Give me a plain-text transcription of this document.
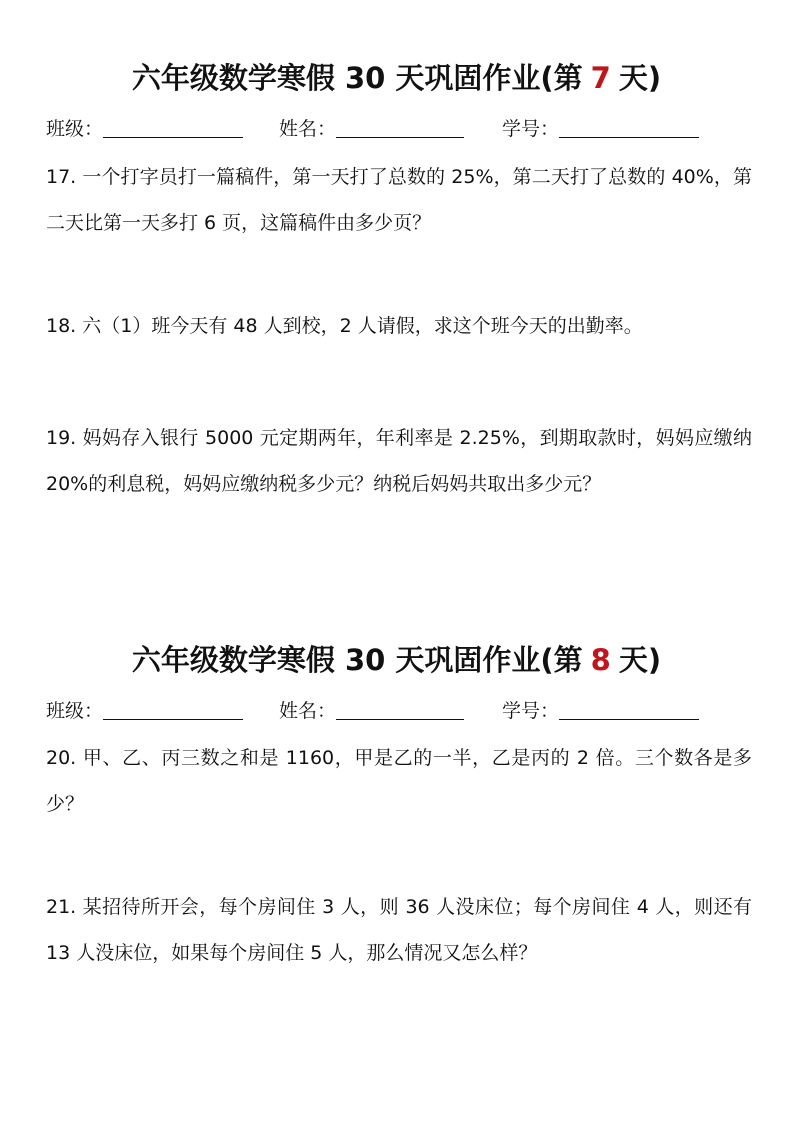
六年级数学寒假 30 天巩固作业(第 7 天)
班级：	姓名：	学号：
17. 一个打字员打一篇稿件，第一天打了总数的 25%，第二天打了总数的 40%，第二天比第一天多打 6 页，这篇稿件由多少页？
18. 六（1）班今天有 48 人到校，2 人请假，求这个班今天的出勤率。
19. 妈妈存入银行 5000 元定期两年，年利率是 2.25%，到期取款时，妈妈应缴纳 20%的利息税，妈妈应缴纳税多少元？纳税后妈妈共取出多少元？
六年级数学寒假 30 天巩固作业(第 8 天)
班级：	姓名：	学号：
20. 甲、乙、丙三数之和是 1160，甲是乙的一半，乙是丙的 2 倍。三个数各是多少？
21. 某招待所开会，每个房间住 3 人，则 36 人没床位；每个房间住 4 人，则还有 13 人没床位，如果每个房间住 5 人，那么情况又怎么样？
